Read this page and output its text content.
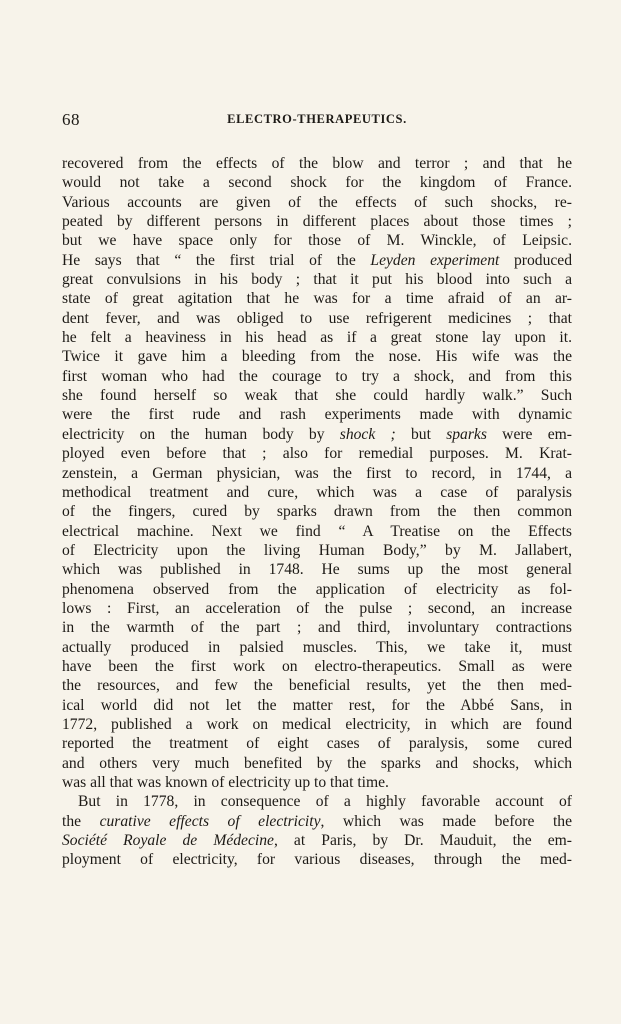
68	ELECTRO-THERAPEUTICS.
recovered from the effects of the blow and terror ; and that he
would not take a second shock for the kingdom of France.
Various accounts are given of the effects of such shocks, re-
peated by different persons in different places about those times ;
but we have space only for those of M. Winckle, of Leipsic.
He says that “ the first trial of the Leyden experiment produced
great convulsions in his body ; that it put his blood into such a
state of great agitation that he was for a time afraid of an ar-
dent fever, and was obliged to use refrigerent medicines ; that
he felt a heaviness in his head as if a great stone lay upon it.
Twice it gave him a bleeding from the nose. His wife was the
first woman who had the courage to try a shock, and from this
she found herself so weak that she could hardly walk.” Such
were the first rude and rash experiments made with dynamic
electricity on the human body by shock ; but sparks were em-
ployed even before that ; also for remedial purposes. M. Krat-
zenstein, a German physician, was the first to record, in 1744, a
methodical treatment and cure, which was a case of paralysis
of the fingers, cured by sparks drawn from the then common
electrical machine. Next we find “ A Treatise on the Effects
of Electricity upon the living Human Body,” by M. Jallabert,
which was published in 1748. He sums up the most general
phenomena observed from the application of electricity as fol-
lows : First, an acceleration of the pulse ; second, an increase
in the warmth of the part ; and third, involuntary contractions
actually produced in palsied muscles. This, we take it, must
have been the first work on electro-therapeutics. Small as were
the resources, and few the beneficial results, yet the then med-
ical world did not let the matter rest, for the Abbé Sans, in
1772, published a work on medical electricity, in which are found
reported the treatment of eight cases of paralysis, some cured
and others very much benefited by the sparks and shocks, which
was all that was known of electricity up to that time.
But in 1778, in consequence of a highly favorable account of
the curative effects of electricity, which was made before the
Société Royale de Médecine, at Paris, by Dr. Mauduit, the em-
ployment of electricity, for various diseases, through the med-
